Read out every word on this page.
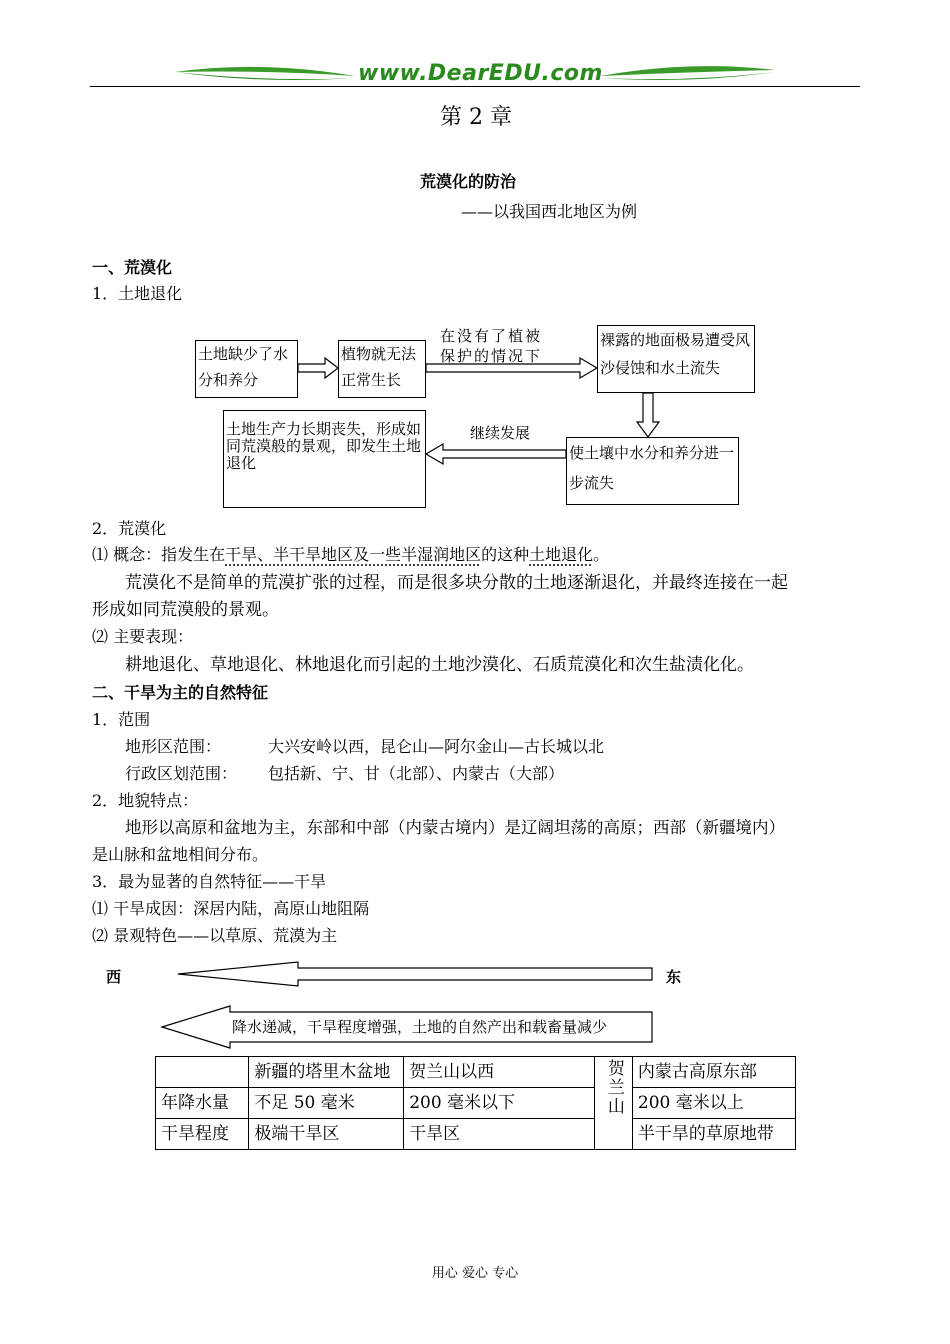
www.DearEDU.com
第 2 章
荒漠化的防治
——以我国西北地区为例
一、荒漠化
1．土地退化
土地缺少了水分和养分
植物就无法正常生长
在没有了植被保护的情况下
裸露的地面极易遭受风沙侵蚀和水土流失
使土壤中水分和养分进一步流失
继续发展
土地生产力长期丧失，形成如同荒漠般的景观，即发生土地退化
2．荒漠化
⑴ 概念：指发生在干旱、半干旱地区及一些半湿润地区的这种土地退化。
荒漠化不是简单的荒漠扩张的过程，而是很多块分散的土地逐渐退化，并最终连接在一起
形成如同荒漠般的景观。
⑵ 主要表现：
耕地退化、草地退化、林地退化而引起的土地沙漠化、石质荒漠化和次生盐渍化化。
二、干旱为主的自然特征
1．范围
地形区范围：	大兴安岭以西，昆仑山—阿尔金山—古长城以北
行政区划范围： 包括新、宁、甘（北部）、内蒙古（大部）
2．地貌特点：
地形以高原和盆地为主，东部和中部（内蒙古境内）是辽阔坦荡的高原；西部（新疆境内）
是山脉和盆地相间分布。
3．最为显著的自然特征——干旱
⑴ 干旱成因：深居内陆，高原山地阻隔
⑵ 景观特色——以草原、荒漠为主
西	东
降水递减，干旱程度增强，土地的自然产出和载畜量减少
	新疆的塔里木盆地	贺兰山以西	贺兰山	内蒙古高原东部
年降水量	不足 50 毫米	200 毫米以下		200 毫米以上
干旱程度	极端干旱区	干旱区		半干旱的草原地带
用心 爱心 专心
